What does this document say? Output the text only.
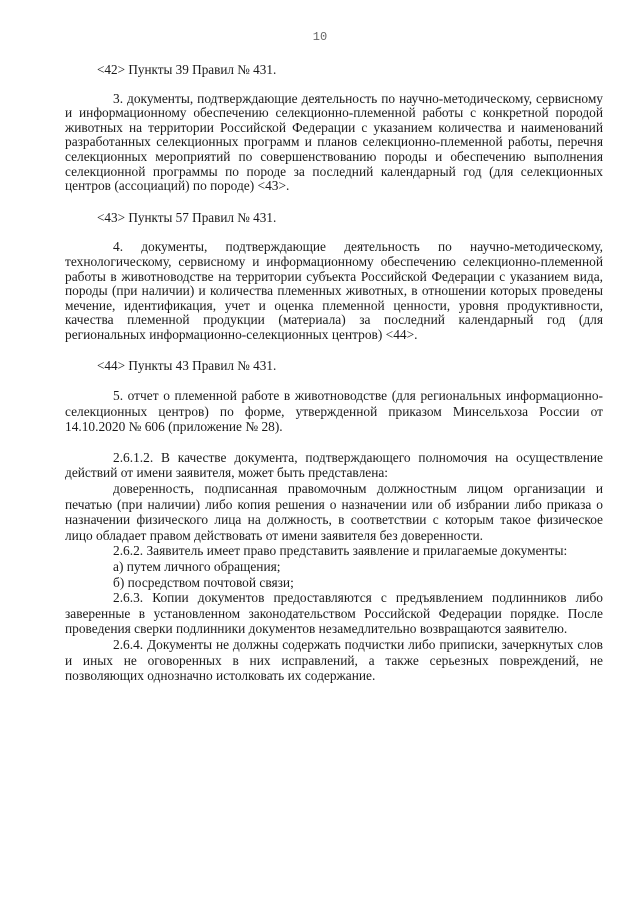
10

<42> Пункты 39 Правил № 431.

3. документы, подтверждающие деятельность по научно-методическому, сервисному и информационному обеспечению селекционно-племенной работы с конкретной породой животных на территории Российской Федерации с указанием количества и наименований разработанных селекционных программ и планов селекционно-племенной работы, перечня селекционных мероприятий по совершенствованию породы и обеспечению выполнения селекционной программы по породе за последний календарный год (для селекционных центров (ассоциаций) по породе) <43>.

<43> Пункты 57 Правил № 431.

4. документы, подтверждающие деятельность по научно-методическому, технологическому, сервисному и информационному обеспечению селекционно-племенной работы в животноводстве на территории субъекта Российской Федерации с указанием вида, породы (при наличии) и количества племенных животных, в отношении которых проведены мечение, идентификация, учет и оценка племенной ценности, уровня продуктивности, качества племенной продукции (материала) за последний календарный год (для региональных информационно-селекционных центров) <44>.

<44> Пункты 43 Правил № 431.

5. отчет о племенной работе в животноводстве (для региональных информационно-селекционных центров) по форме, утвержденной приказом Минсельхоза России от 14.10.2020 № 606 (приложение № 28).

2.6.1.2. В качестве документа, подтверждающего полномочия на осуществление действий от имени заявителя, может быть представлена:

доверенность, подписанная правомочным должностным лицом организации и печатью (при наличии) либо копия решения о назначении или об избрании либо приказа о назначении физического лица на должность, в соответствии с которым такое физическое лицо обладает правом действовать от имени заявителя без доверенности.

2.6.2. Заявитель имеет право представить заявление и прилагаемые документы:

а) путем личного обращения;

б) посредством почтовой связи;

2.6.3. Копии документов предоставляются с предъявлением подлинников либо заверенные в установленном законодательством Российской Федерации порядке. После проведения сверки подлинники документов незамедлительно возвращаются заявителю.

2.6.4. Документы не должны содержать подчистки либо приписки, зачеркнутых слов и иных не оговоренных в них исправлений, а также серьезных повреждений, не позволяющих однозначно истолковать их содержание.
